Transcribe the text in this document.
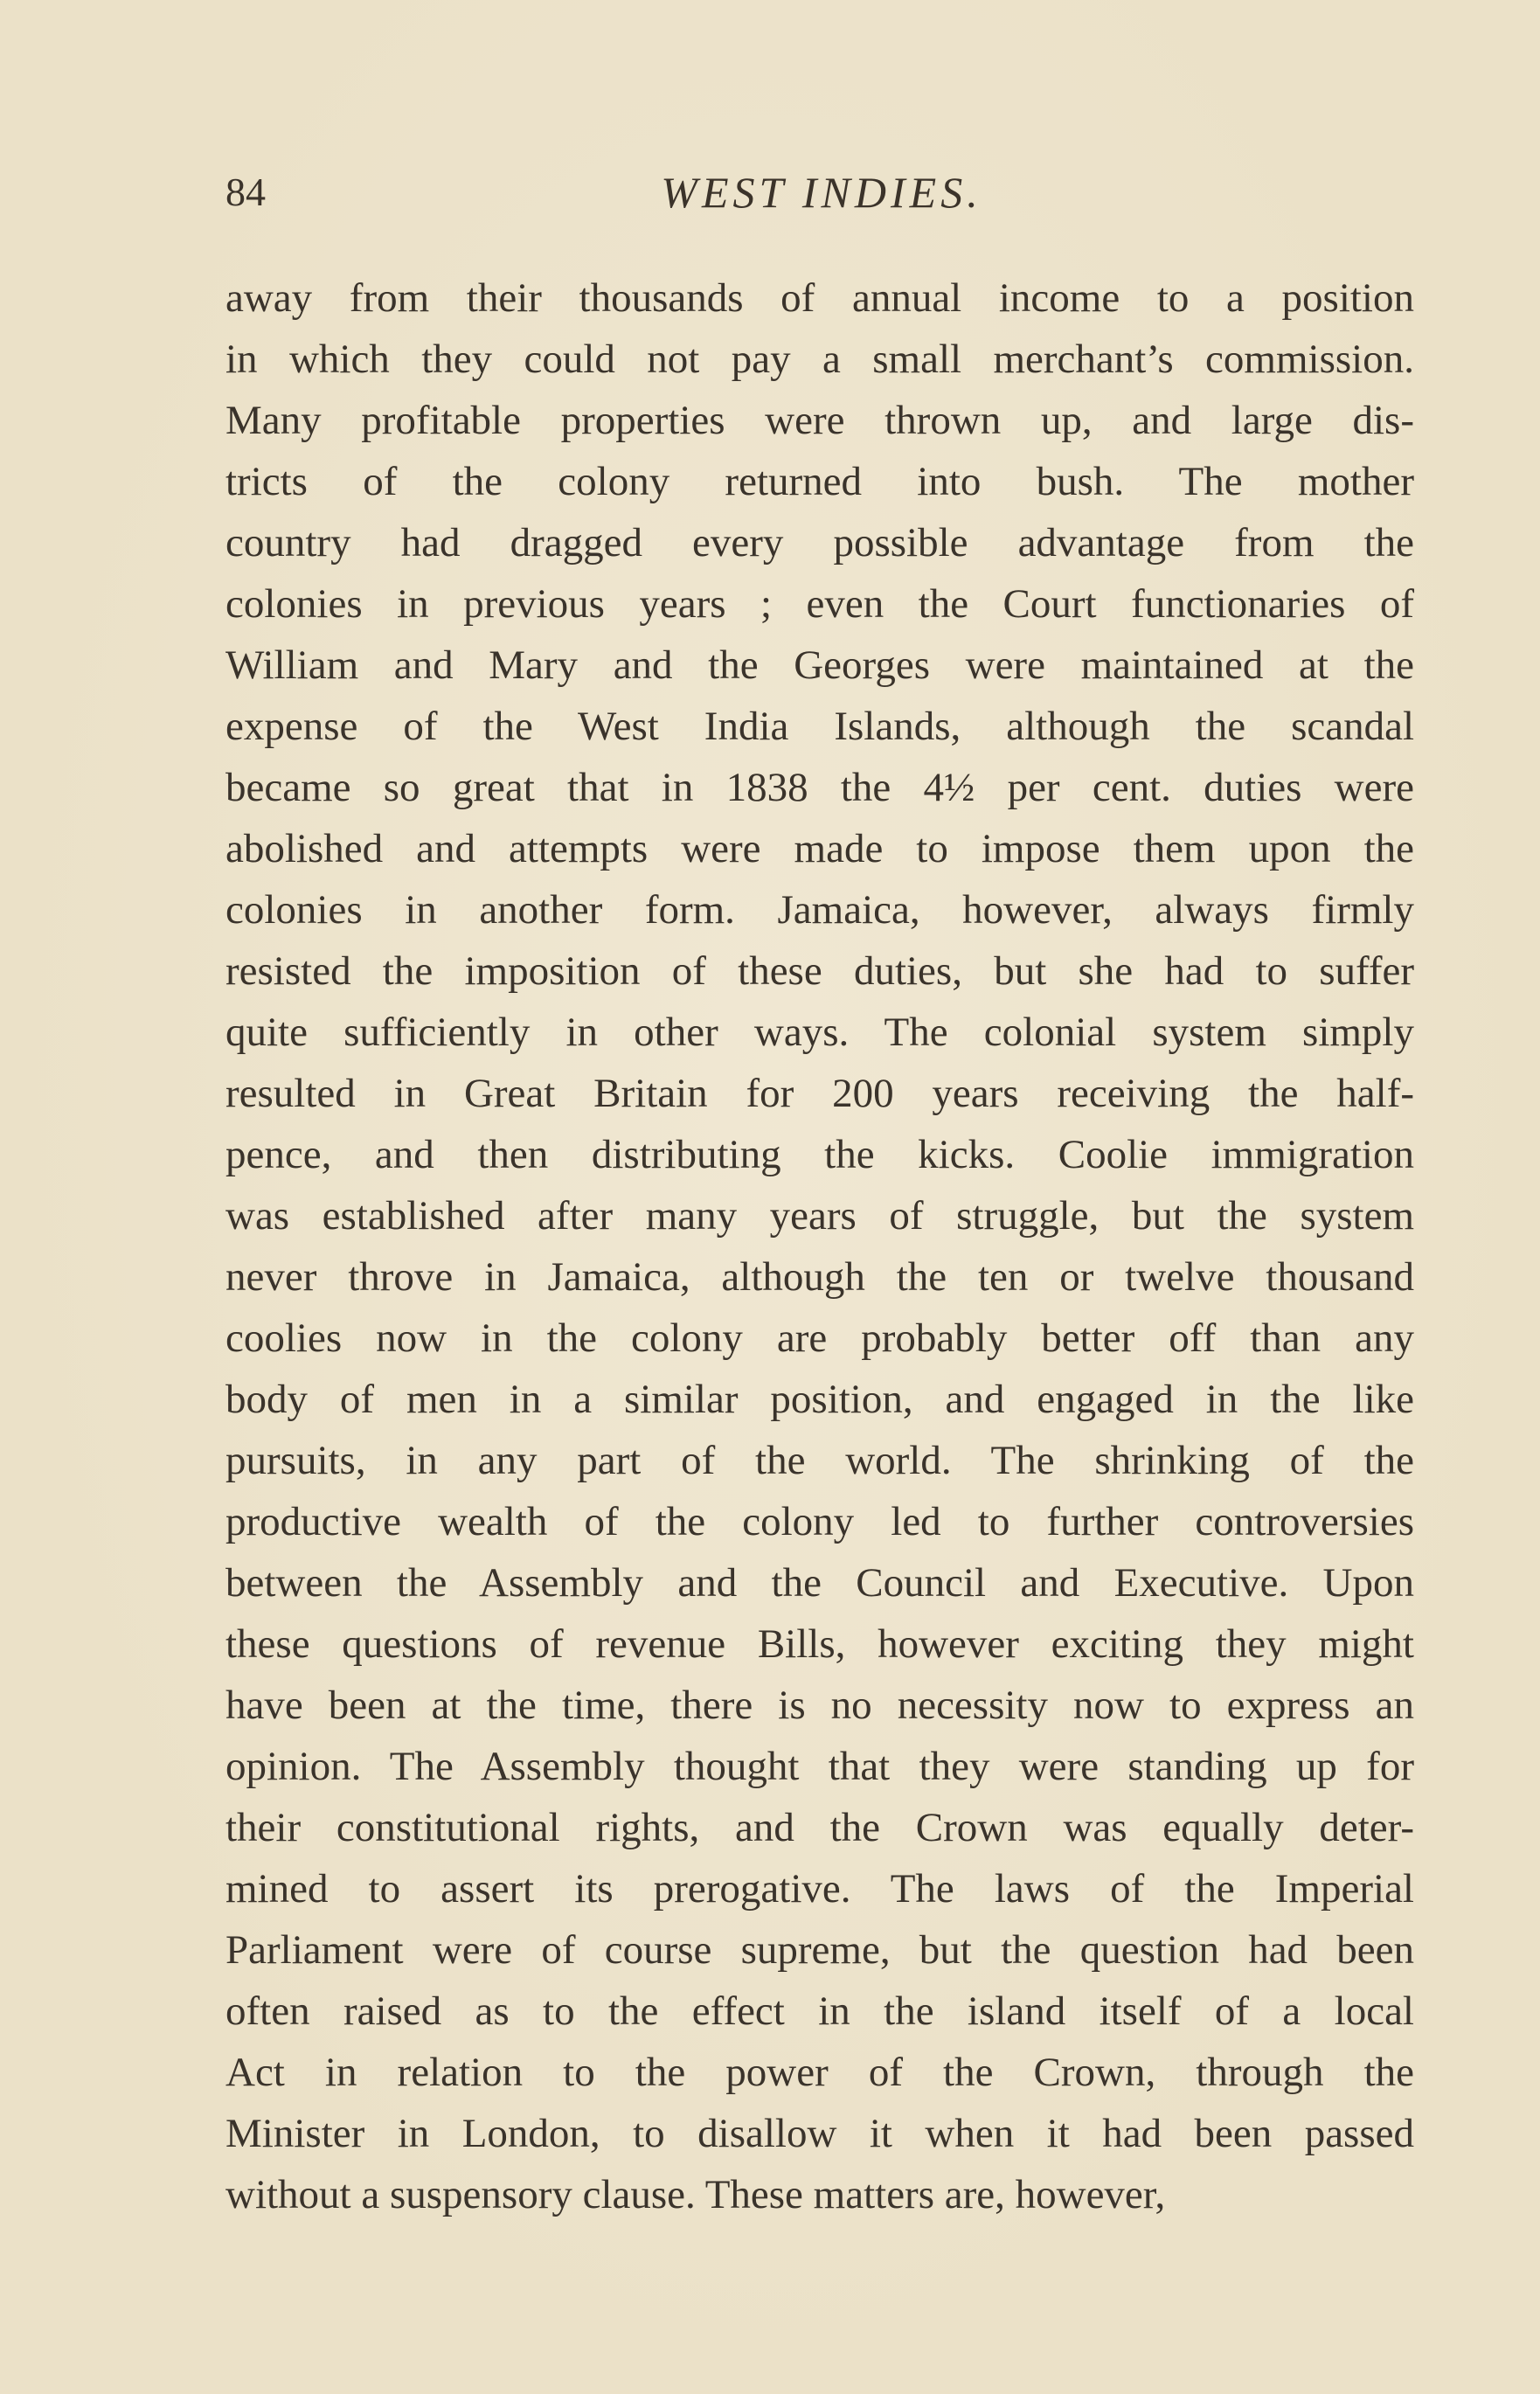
84	WEST INDIES.
away from their thousands of annual income to a position
in which they could not pay a small merchant’s commission.
Many profitable properties were thrown up, and large dis-
tricts of the colony returned into bush. The mother
country had dragged every possible advantage from the
colonies in previous years ; even the Court functionaries of
William and Mary and the Georges were maintained at the
expense of the West India Islands, although the scandal
became so great that in 1838 the 4½ per cent. duties were
abolished and attempts were made to impose them upon the
colonies in another form. Jamaica, however, always firmly
resisted the imposition of these duties, but she had to suffer
quite sufficiently in other ways. The colonial system simply
resulted in Great Britain for 200 years receiving the half-
pence, and then distributing the kicks. Coolie immigration
was established after many years of struggle, but the system
never throve in Jamaica, although the ten or twelve thousand
coolies now in the colony are probably better off than any
body of men in a similar position, and engaged in the like
pursuits, in any part of the world. The shrinking of the
productive wealth of the colony led to further controversies
between the Assembly and the Council and Executive. Upon
these questions of revenue Bills, however exciting they might
have been at the time, there is no necessity now to express an
opinion. The Assembly thought that they were standing up for
their constitutional rights, and the Crown was equally deter-
mined to assert its prerogative. The laws of the Imperial
Parliament were of course supreme, but the question had been
often raised as to the effect in the island itself of a local
Act in relation to the power of the Crown, through the
Minister in London, to disallow it when it had been passed
without a suspensory clause. These matters are, however,
